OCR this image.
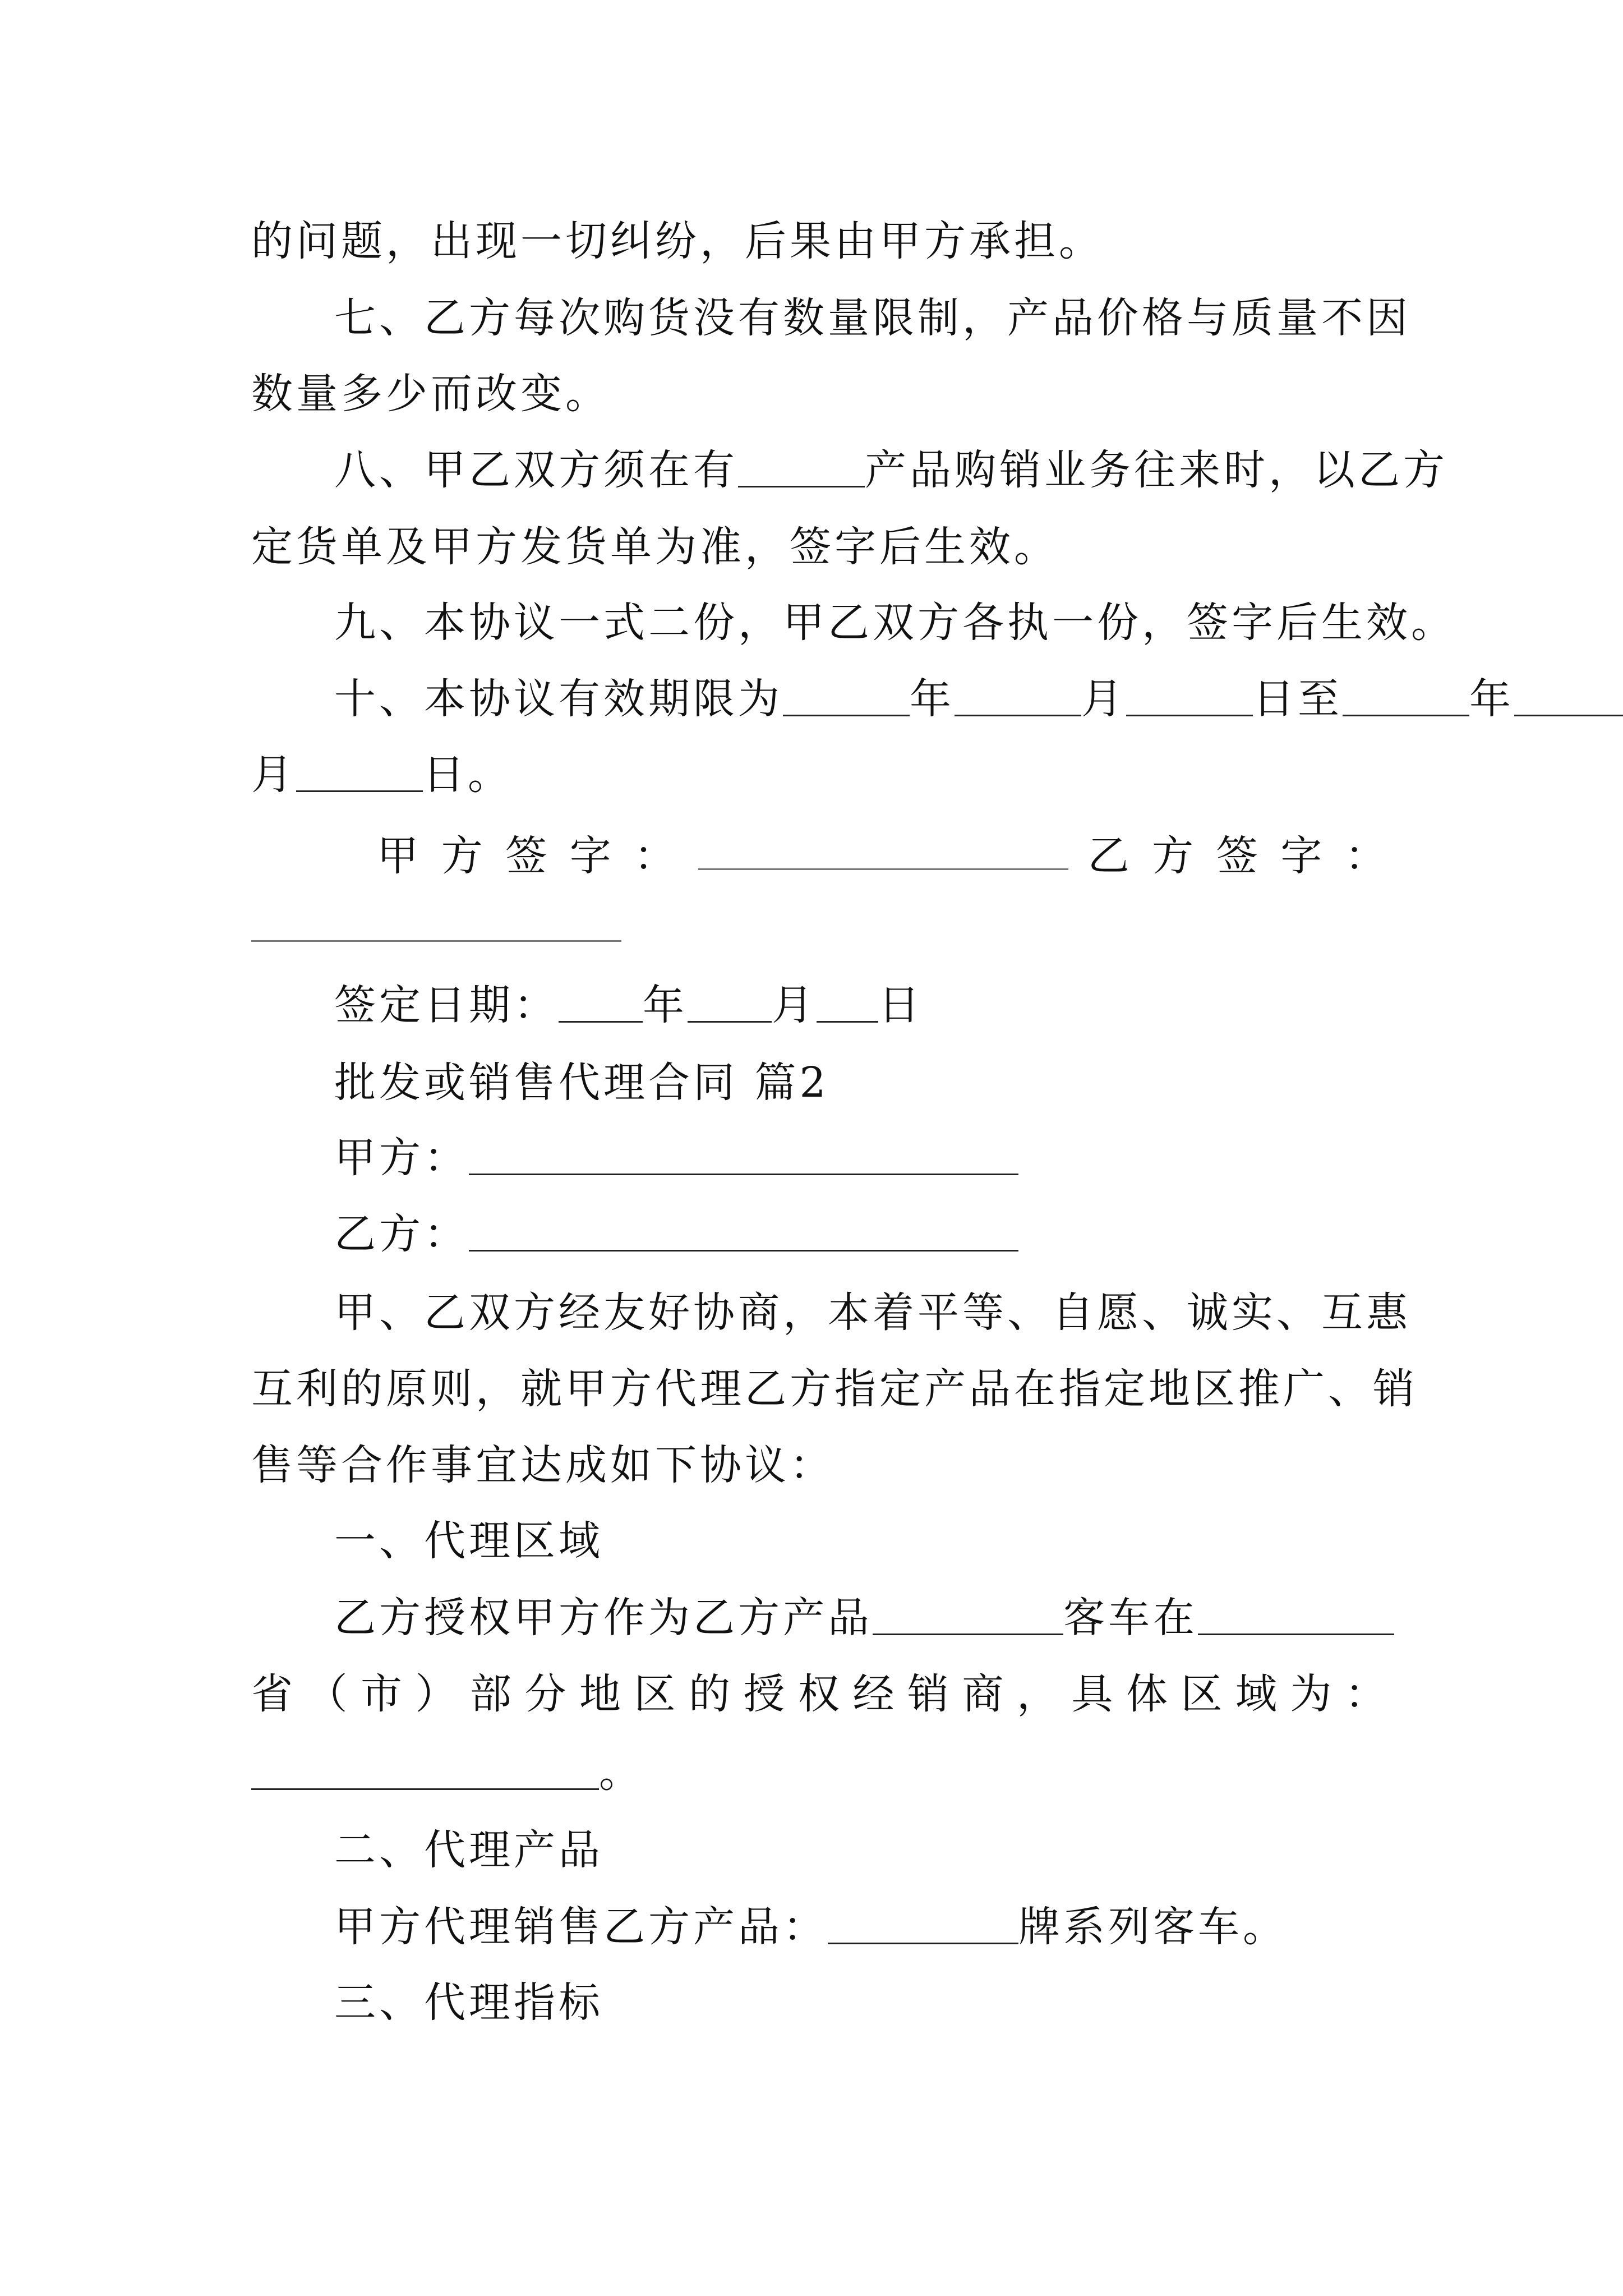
的问题，出现一切纠纷，后果由甲方承担。
七、乙方每次购货没有数量限制，产品价格与质量不因
数量多少而改变。
八、甲乙双方须在有	产品购销业务往来时，以乙方
定货单及甲方发货单为准，签字后生效。
九、本协议一式二份，甲乙双方各执一份，签字后生效。
十、本协议有效期限为	年	月	日至	年
月	日。
甲 方 签 字 ：	乙 方 签 字 ：
签定日期： 年 月 日
批发或销售代理合同 篇2
甲方：
乙方：
甲、乙双方经友好协商，本着平等、自愿、诚实、互惠
互利的原则，就甲方代理乙方指定产品在指定地区推广、销
售等合作事宜达成如下协议：
一、代理区域
乙方授权甲方作为乙方产品	客车在
省 （ 市 ） 部 分 地 区 的 授 权 经 销 商 ， 具 体 区 域 为 ：
。
二、代理产品
甲方代理销售乙方产品：	牌系列客车。
三、代理指标
